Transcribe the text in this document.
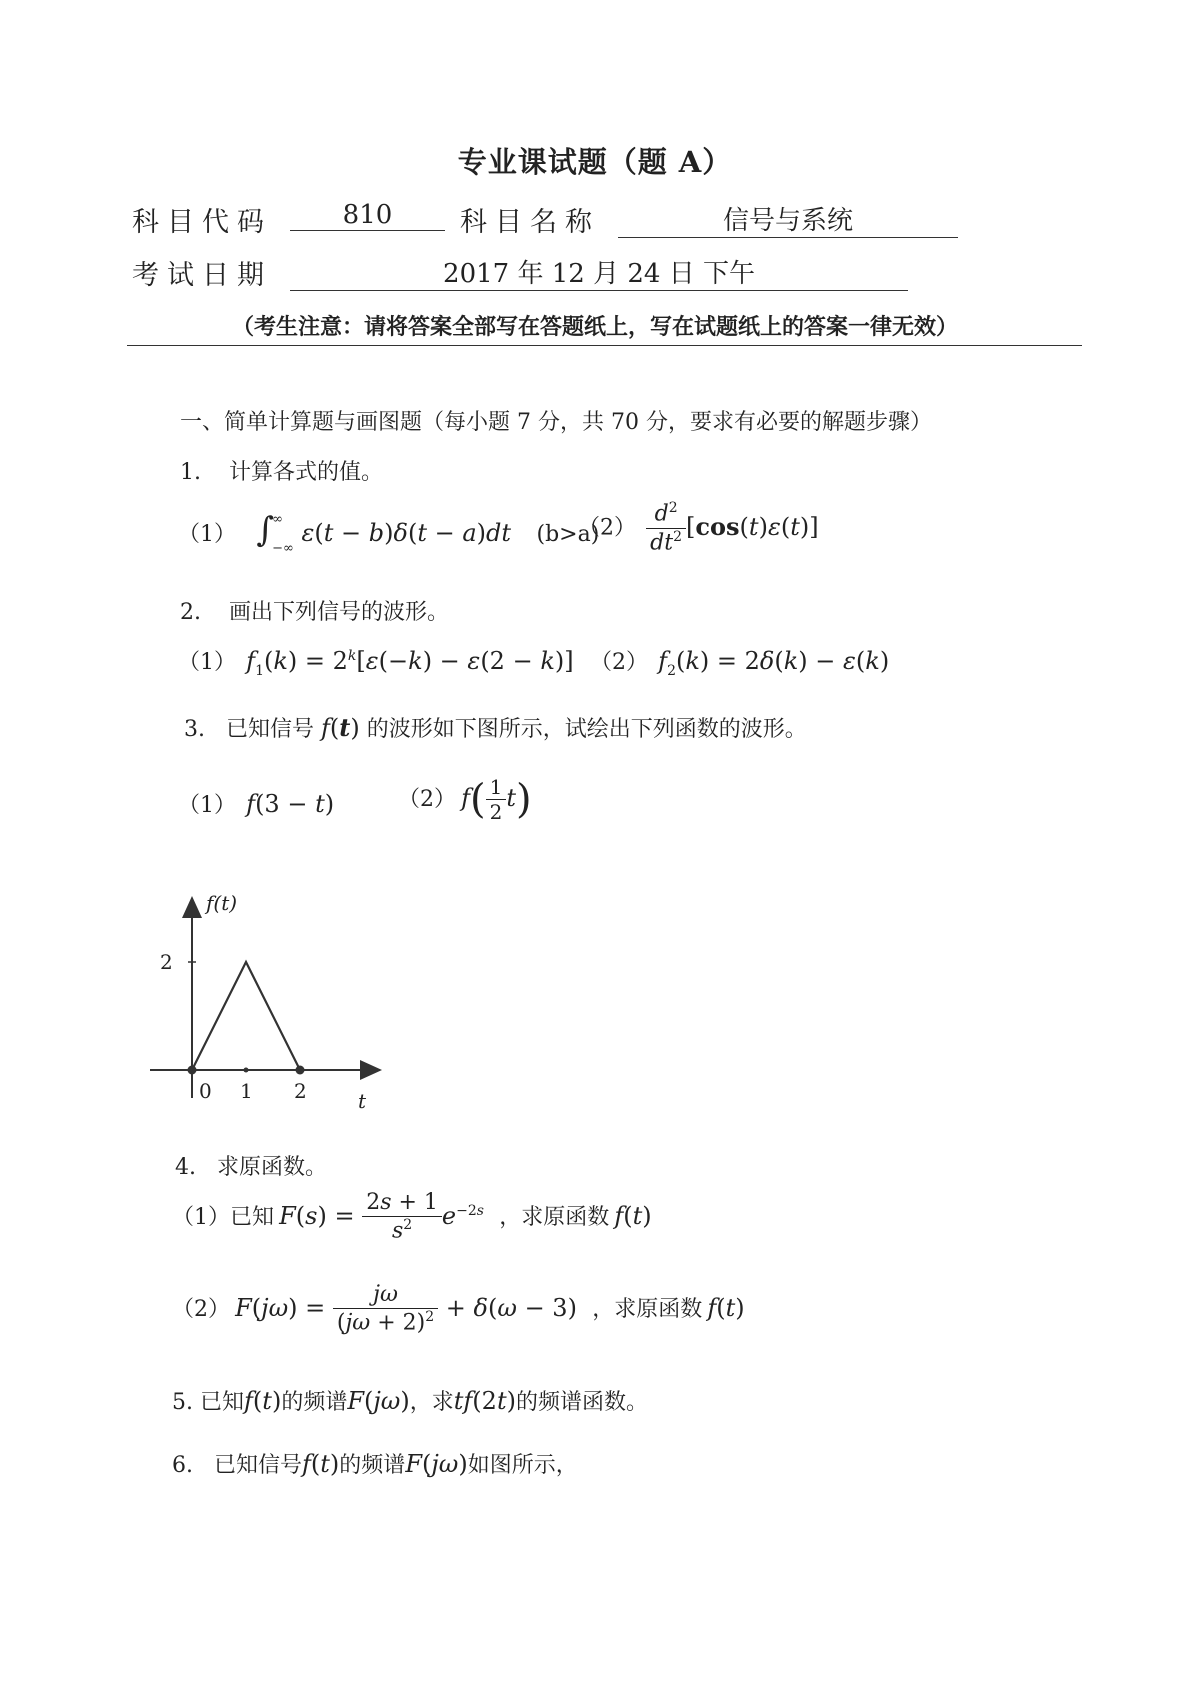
专业课试题（题 A）
科目代码	810	科目名称	信号与系统
考试日期	2017 年 12 月 24 日 下午
（考生注意：请将答案全部写在答题纸上，写在试题纸上的答案一律无效）
一、简单计算题与画图题（每小题 7 分，共 70 分，要求有必要的解题步骤）
1. 计算各式的值。
（1） ∫
∞
−∞
ε(t − b)δ(t − a)dt (b>a)
$(2) \frac{d^2}{dt^2} [\cos(t)\varepsilon(t)]$
2. 画出下列信号的波形。
（1） $f_1(k) = 2^k[\varepsilon(-k) - \varepsilon(2 - k)]$ （2） $f_2(k) = 2\delta(k) - \varepsilon(k)$
3. 已知信号 f(t) 的波形如下图所示，试绘出下列函数的波形。
（1） f(3 − t)	（2） $f( \frac{1}{2} t)$
f(t)
t
0 1 2
2
4. 求原函数。
（1）已知 $F(s) = \frac{2s + 1}{s^2} e^{-2s}$ ，求原函数 f(t)
（2） $F(j\omega) = \frac{j\omega}{(j\omega + 2)^2} + \delta(\omega - 3)$ ，求原函数 f(t)
5. 已知f(t)的频谱F(jω)，求tf(2t)的频谱函数。
6. 已知信号f(t)的频谱F(jω)如图所示，
